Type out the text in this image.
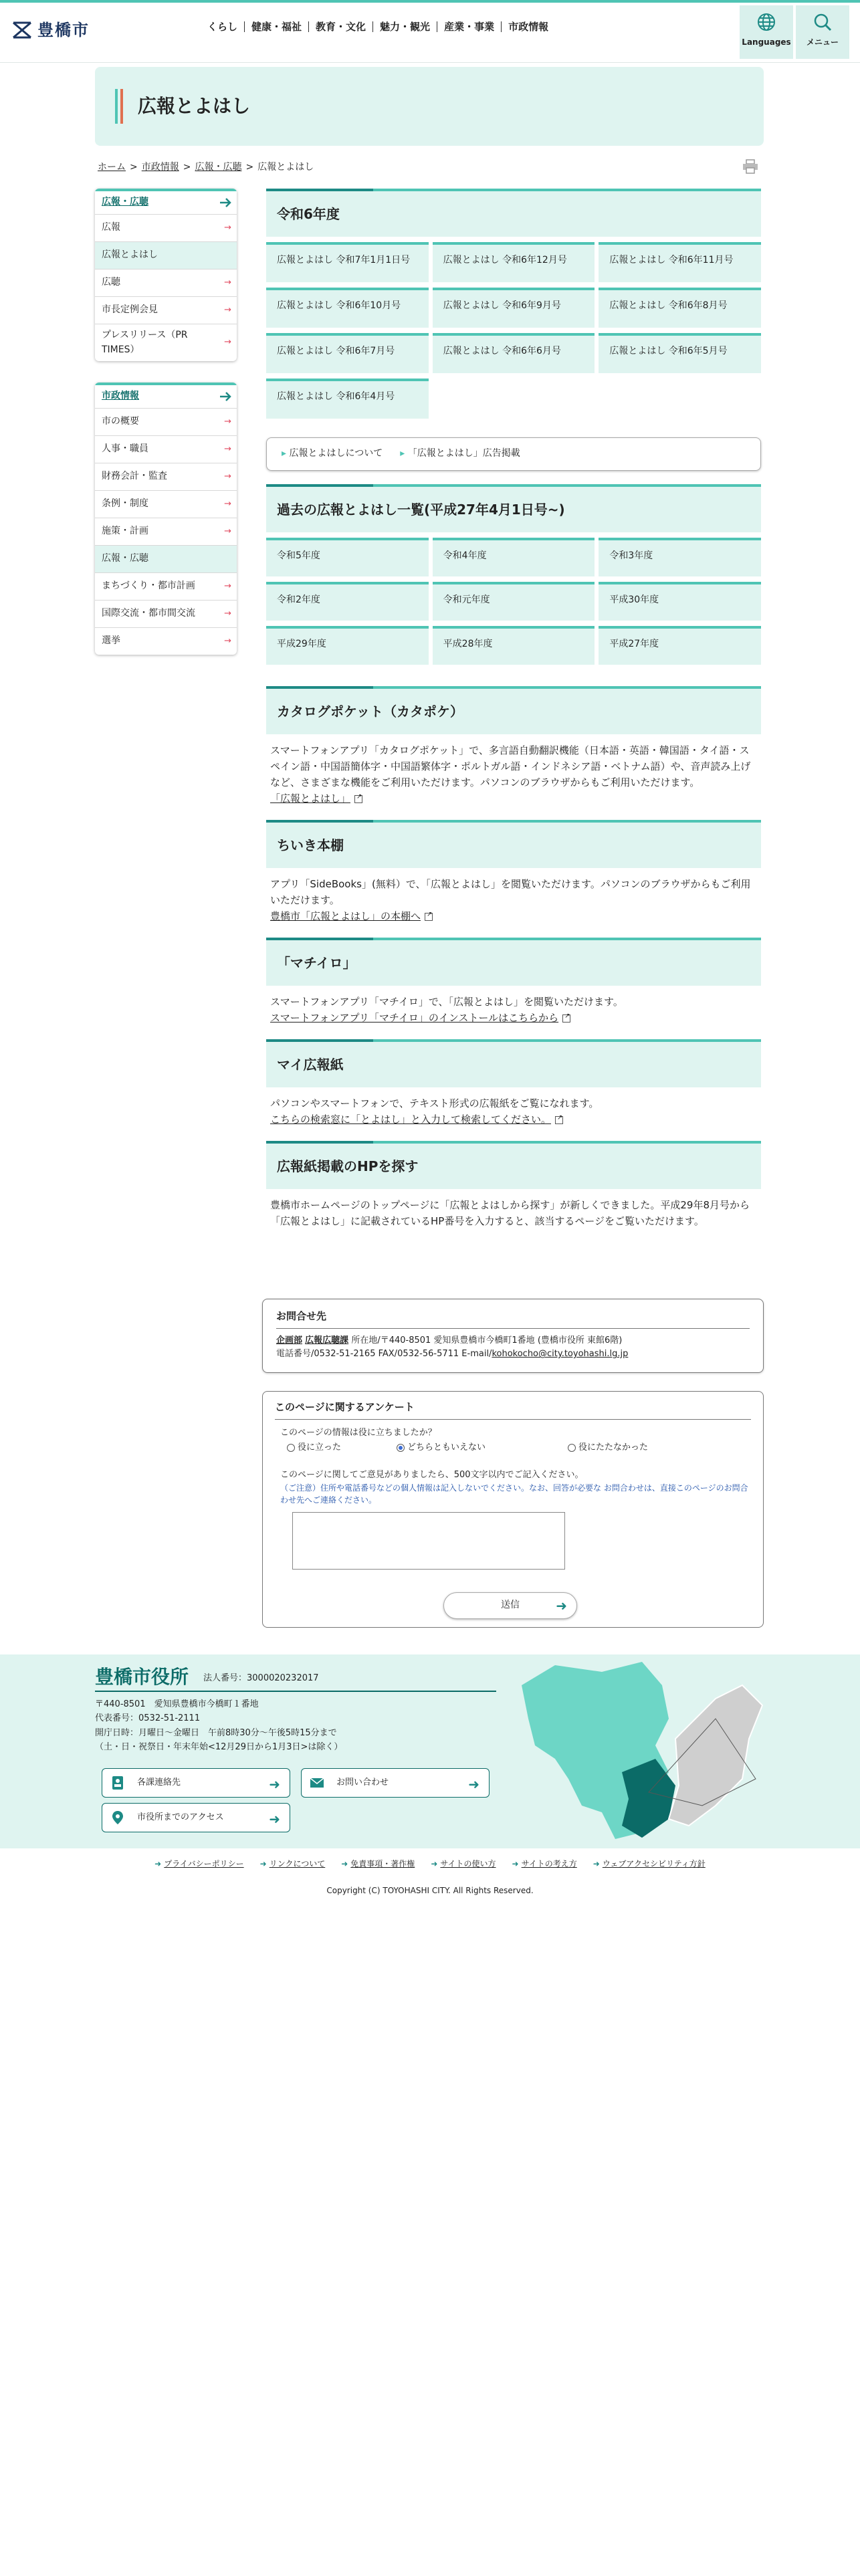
豊橋市	くらし	健康・福祉	教育・文化	魅力・観光	産業・事業	市政情報
Languages	メニュー
広報とよはし
ホーム > 市政情報 > 広報・広聴 > 広報とよはし
広報・広聴
広報	→
広報とよはし
広聴	→
市長定例会見	→
プレスリリース（PR TIMES）
→
市政情報
市の概要	→
人事・職員	→
財務会計・監査	→
条例・制度	→
施策・計画	→
広報・広聴
まちづくり・都市計画	→
国際交流・都市間交流	→
選挙	→
令和6年度
広報とよはし 令和7年1月1日号	広報とよはし 令和6年12月号	広報とよはし 令和6年11月号
広報とよはし 令和6年10月号	広報とよはし 令和6年9月号	広報とよはし 令和6年8月号
広報とよはし 令和6年7月号	広報とよはし 令和6年6月号	広報とよはし 令和6年5月号
広報とよはし 令和6年4月号
▸ 広報とよはしについて	▸ 「広報とよはし」広告掲載
過去の広報とよはし一覧(平成27年4月1日号~)
令和5年度	令和4年度	令和3年度
令和2年度	令和元年度	平成30年度
平成29年度	平成28年度	平成27年度
カタログポケット（カタポケ）

スマートフォンアプリ「カタログポケット」で、多言語自動翻訳機能（日本語・英語・韓国語・タイ語・スペイン語・中国語簡体字・中国語繁体字・ポルトガル語・インドネシア語・ベトナム語）や、音声読み上げなど、さまざまな機能をご利用いただけます。パソコンのブラウザからもご利用いただけます。

「広報とよはし」↗
ちいき本棚

アプリ「SideBooks」(無料）で、「広報とよはし」を閲覧いただけます。パソコンのブラウザからもご利用いただけます。

豊橋市「広報とよはし」の本棚へ↗
「マチイロ」

スマートフォンアプリ「マチイロ」で、「広報とよはし」を閲覧いただけます。

スマートフォンアプリ「マチイロ」のインストールはこちらから↗
マイ広報紙

パソコンやスマートフォンで、テキスト形式の広報紙をご覧になれます。

こちらの検索窓に「とよはし」と入力して検索してください。↗
広報紙掲載のHPを探す

豊橋市ホームページのトップページに「広報とよはしから探す」が新しくできました。平成29年8月号から「広報とよはし」に記載されているHP番号を入力すると、該当するページをご覧いただけます。

お問合せ先

企画部 広報広聴課 所在地/〒440-8501 愛知県豊橋市今橋町1番地 (豊橋市役所 東館6階)

電話番号/0532-51-2165 FAX/0532-56-5711 E-mail/kohokocho@city.toyohashi.lg.jp

このページに関するアンケート

このページの情報は役に立ちましたか？

役に立った	どちらともいえない	役にたたなかった

このページに関してご意見がありましたら、500文字以内でご記入ください。

（ご注意）住所や電話番号などの個人情報は記入しないでください。なお、回答が必要な お問合わせは、直接このページのお問合わせ先へご連絡ください。

送信	➜
豊橋市役所 法人番号：3000020232017
〒440-8501　愛知県豊橋市今橋町１番地
代表番号：0532-51-2111
開庁日時：月曜日～金曜日　午前8時30分～午後5時15分まで
（土・日・祝祭日・年末年始<12月29日から1月3日>は除く）
各課連絡先	➜	お問い合わせ	➜
市役所までのアクセス	➜
➜ プライバシーポリシー	➜ リンクについて	➜ 免責事項・著作権	➜ サイトの使い方	➜ サイトの考え方	➜ ウェブアクセシビリティ方針
Copyright (C) TOYOHASHI CITY. All Rights Reserved.
